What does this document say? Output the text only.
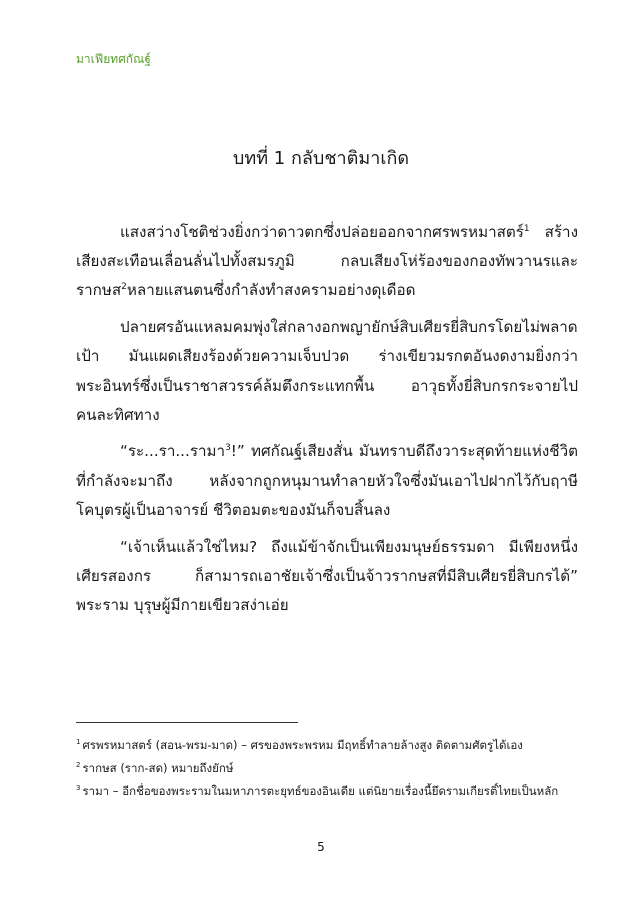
มาเฟียทศกัณฐ์
บทที่ 1 กลับชาติมาเกิด

แสงสว่างโชติช่วงยิ่งกว่าดาวตกซึ่งปล่อยออกจากศรพรหมาสตร์$^1$ สร้างเสียงสะเทือนเลื่อนลั่นไปทั้งสมรภูมิ กลบเสียงโห่ร้องของกองทัพวานรและรากษส$^2$หลายแสนตนซึ่งกำลังทำสงครามอย่างดุเดือด

ปลายศรอันแหลมคมพุ่งใส่กลางอกพญายักษ์สิบเศียรยี่สิบกรโดยไม่พลาดเป้า มันแผดเสียงร้องด้วยความเจ็บปวด ร่างเขียวมรกตอันงดงามยิ่งกว่าพระอินทร์ซึ่งเป็นราชาสวรรค์ล้มตึงกระแทกพื้น อาวุธทั้งยี่สิบกรกระจายไปคนละทิศทาง

“ระ...รา...รามา$^3$!” ทศกัณฐ์เสียงสั่น มันทราบดีถึงวาระสุดท้ายแห่งชีวิตที่กำลังจะมาถึง หลังจากถูกหนุมานทำลายหัวใจซึ่งมันเอาไปฝากไว้กับฤาษีโคบุตรผู้เป็นอาจารย์ ชีวิตอมตะของมันก็จบสิ้นลง

“เจ้าเห็นแล้วใช่ไหม? ถึงแม้ข้าจักเป็นเพียงมนุษย์ธรรมดา มีเพียงหนึ่งเศียรสองกร ก็สามารถเอาชัยเจ้าซึ่งเป็นจ้าวรากษสที่มีสิบเศียรยี่สิบกรได้” พระราม บุรุษผู้มีกายเขียวสง่าเอ่ย

$^1$ ศรพรหมาสตร์ (สอน-พรม-มาด) – ศรของพระพรหม มีฤทธิ์ทำลายล้างสูง ติดตามศัตรูได้เอง
$^2$ รากษส (ราก-สด) หมายถึงยักษ์
$^3$ รามา – อีกชื่อของพระรามในมหาภารตะยุทธ์ของอินเดีย แต่นิยายเรื่องนี้ยึดรามเกียรติ์ไทยเป็นหลัก
5
